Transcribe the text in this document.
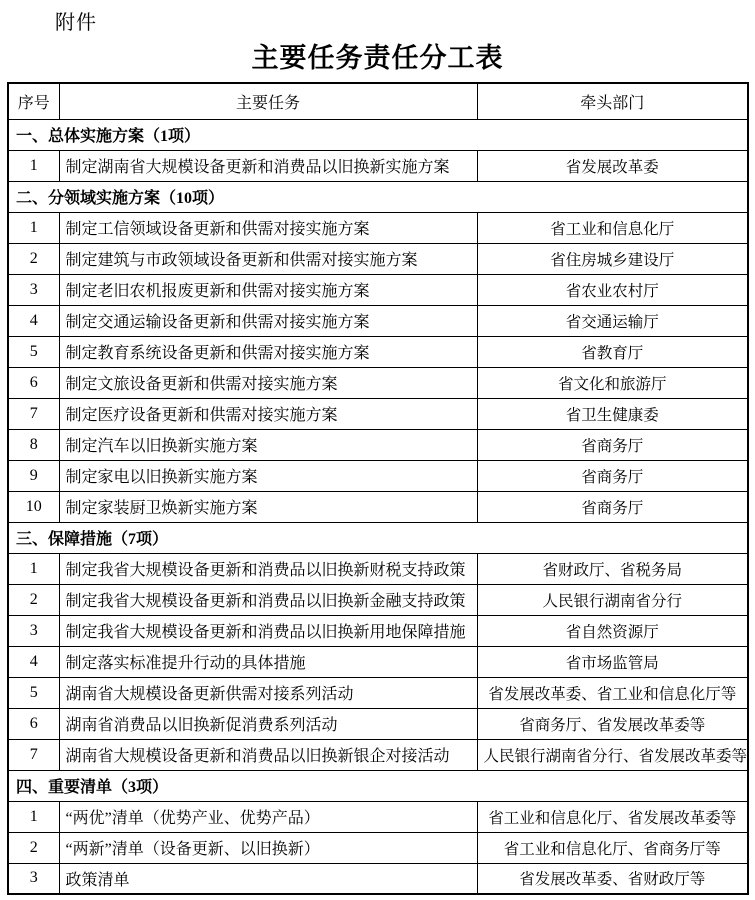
附件
主要任务责任分工表
序号	主要任务	牵头部门
一、总体实施方案（1项）		
1	制定湖南省大规模设备更新和消费品以旧换新实施方案	省发展改革委
二、分领域实施方案（10项）		
1	制定工信领域设备更新和供需对接实施方案	省工业和信息化厅
2	制定建筑与市政领域设备更新和供需对接实施方案	省住房城乡建设厅
3	制定老旧农机报废更新和供需对接实施方案	省农业农村厅
4	制定交通运输设备更新和供需对接实施方案	省交通运输厅
5	制定教育系统设备更新和供需对接实施方案	省教育厅
6	制定文旅设备更新和供需对接实施方案	省文化和旅游厅
7	制定医疗设备更新和供需对接实施方案	省卫生健康委
8	制定汽车以旧换新实施方案	省商务厅
9	制定家电以旧换新实施方案	省商务厅
10	制定家装厨卫焕新实施方案	省商务厅
三、保障措施（7项）		
1	制定我省大规模设备更新和消费品以旧换新财税支持政策	省财政厅、省税务局
2	制定我省大规模设备更新和消费品以旧换新金融支持政策	人民银行湖南省分行
3	制定我省大规模设备更新和消费品以旧换新用地保障措施	省自然资源厅
4	制定落实标准提升行动的具体措施	省市场监管局
5	湖南省大规模设备更新供需对接系列活动	省发展改革委、省工业和信息化厅等
6	湖南省消费品以旧换新促消费系列活动	省商务厅、省发展改革委等
7	湖南省大规模设备更新和消费品以旧换新银企对接活动	人民银行湖南省分行、省发展改革委等
四、重要清单（3项）		
1	“两优”清单（优势产业、优势产品）	省工业和信息化厅、省发展改革委等
2	“两新”清单（设备更新、以旧换新）	省工业和信息化厅、省商务厅等
3	政策清单	省发展改革委、省财政厅等
